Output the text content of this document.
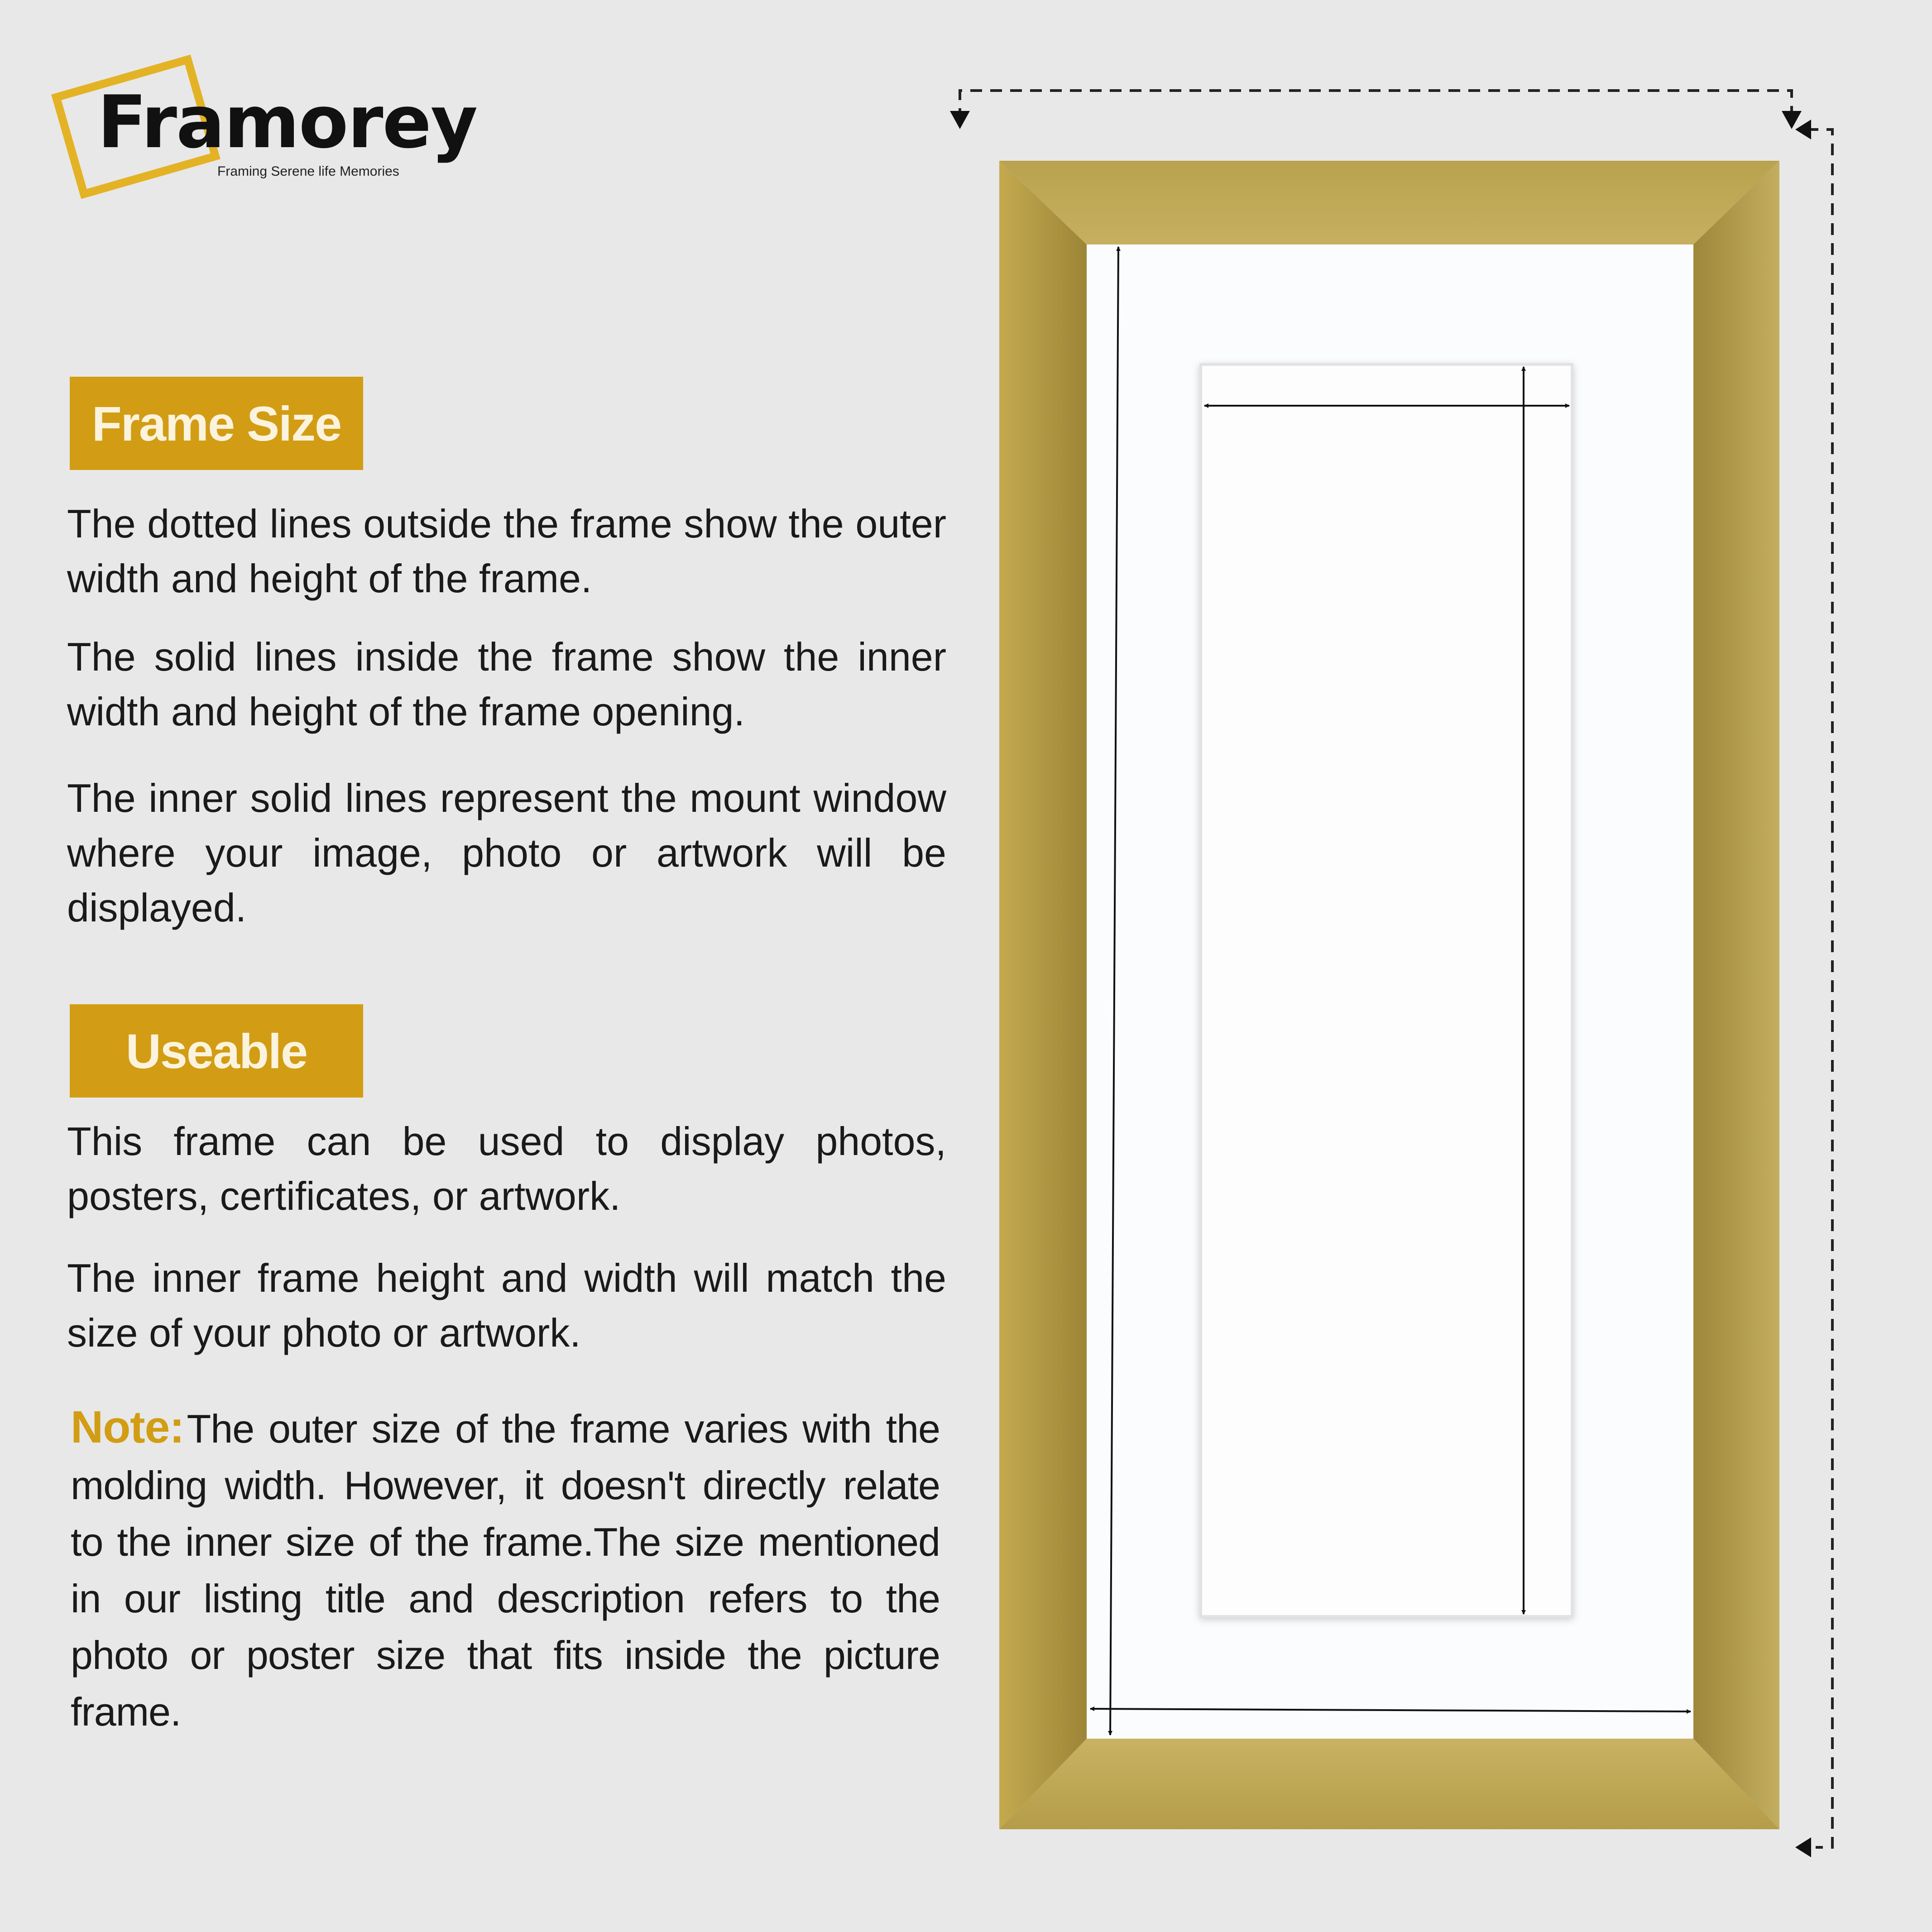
Framorey
Framing Serene life Memories
Frame Size

The dotted lines outside the frame show the outer width and height of the frame.

The solid lines inside the frame show the inner width and height of the frame opening.

The inner solid lines represent the mount window where your image, photo or artwork will be displayed.

Useable

This frame can be used to display photos, posters, certificates, or artwork.

The inner frame height and width will match the size of your photo or artwork.

Note:The outer size of the frame varies with the molding width. However, it doesn't directly relate to the inner size of the frame.The size mentioned in our listing title and description refers to the photo or poster size that fits inside the picture frame.
